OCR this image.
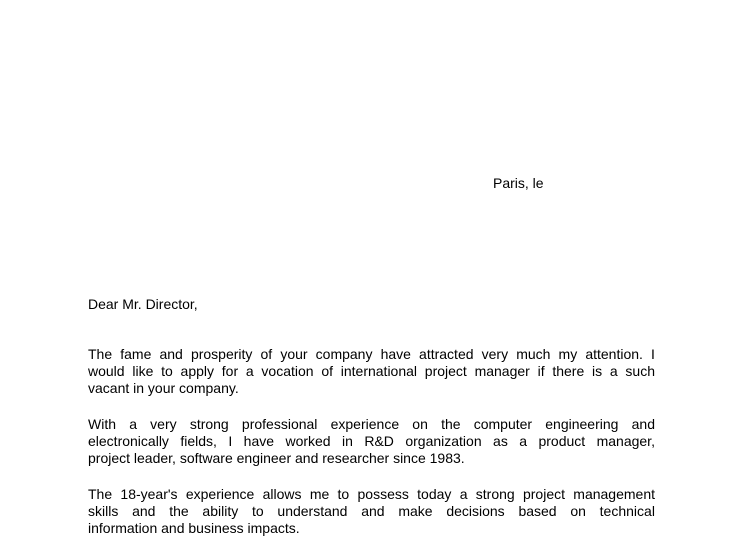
Paris, le
Dear Mr. Director,

The fame and prosperity of your company have attracted very much my attention. I
would like to apply for a vocation of international project manager if there is a such
vacant in your company.

With a very strong professional experience on the computer engineering and
electronically fields, I have worked in R&D organization as a product manager,
project leader, software engineer and researcher since 1983.

The 18-year's experience allows me to possess today a strong project management
skills and the ability to understand and make decisions based on technical
information and business impacts.
